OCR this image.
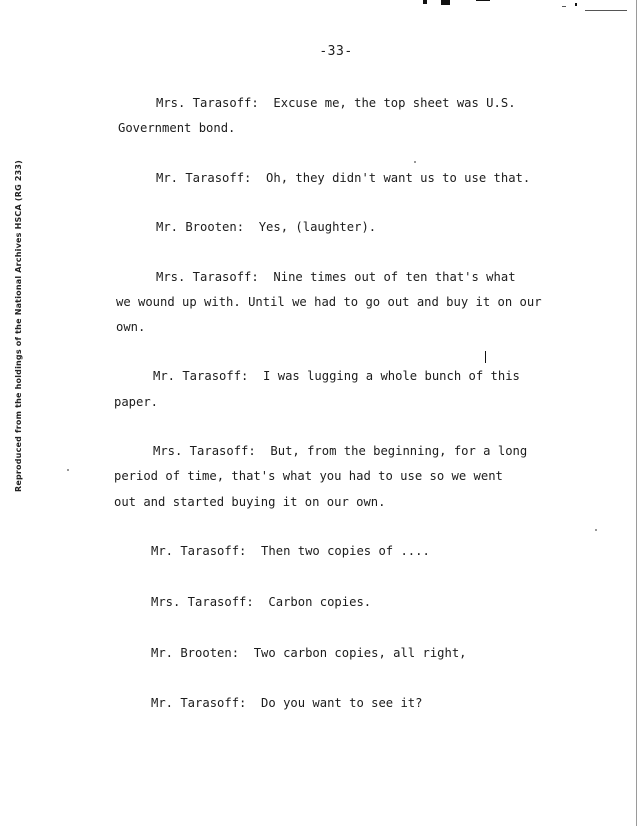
Reproduced from the holdings of the National Archives HSCA (RG 233)
-33-
Mrs. Tarasoff:  Excuse me, the top sheet was U.S.
Government bond.
Mr. Tarasoff:  Oh, they didn't want us to use that.
Mr. Brooten:  Yes, (laughter).
Mrs. Tarasoff:  Nine times out of ten that's what
we wound up with. Until we had to go out and buy it on our
own.
Mr. Tarasoff:  I was lugging a whole bunch of this
paper.
Mrs. Tarasoff:  But, from the beginning, for a long
period of time, that's what you had to use so we went
out and started buying it on our own.
Mr. Tarasoff:  Then two copies of ....
Mrs. Tarasoff:  Carbon copies.
Mr. Brooten:  Two carbon copies, all right,
Mr. Tarasoff:  Do you want to see it?
